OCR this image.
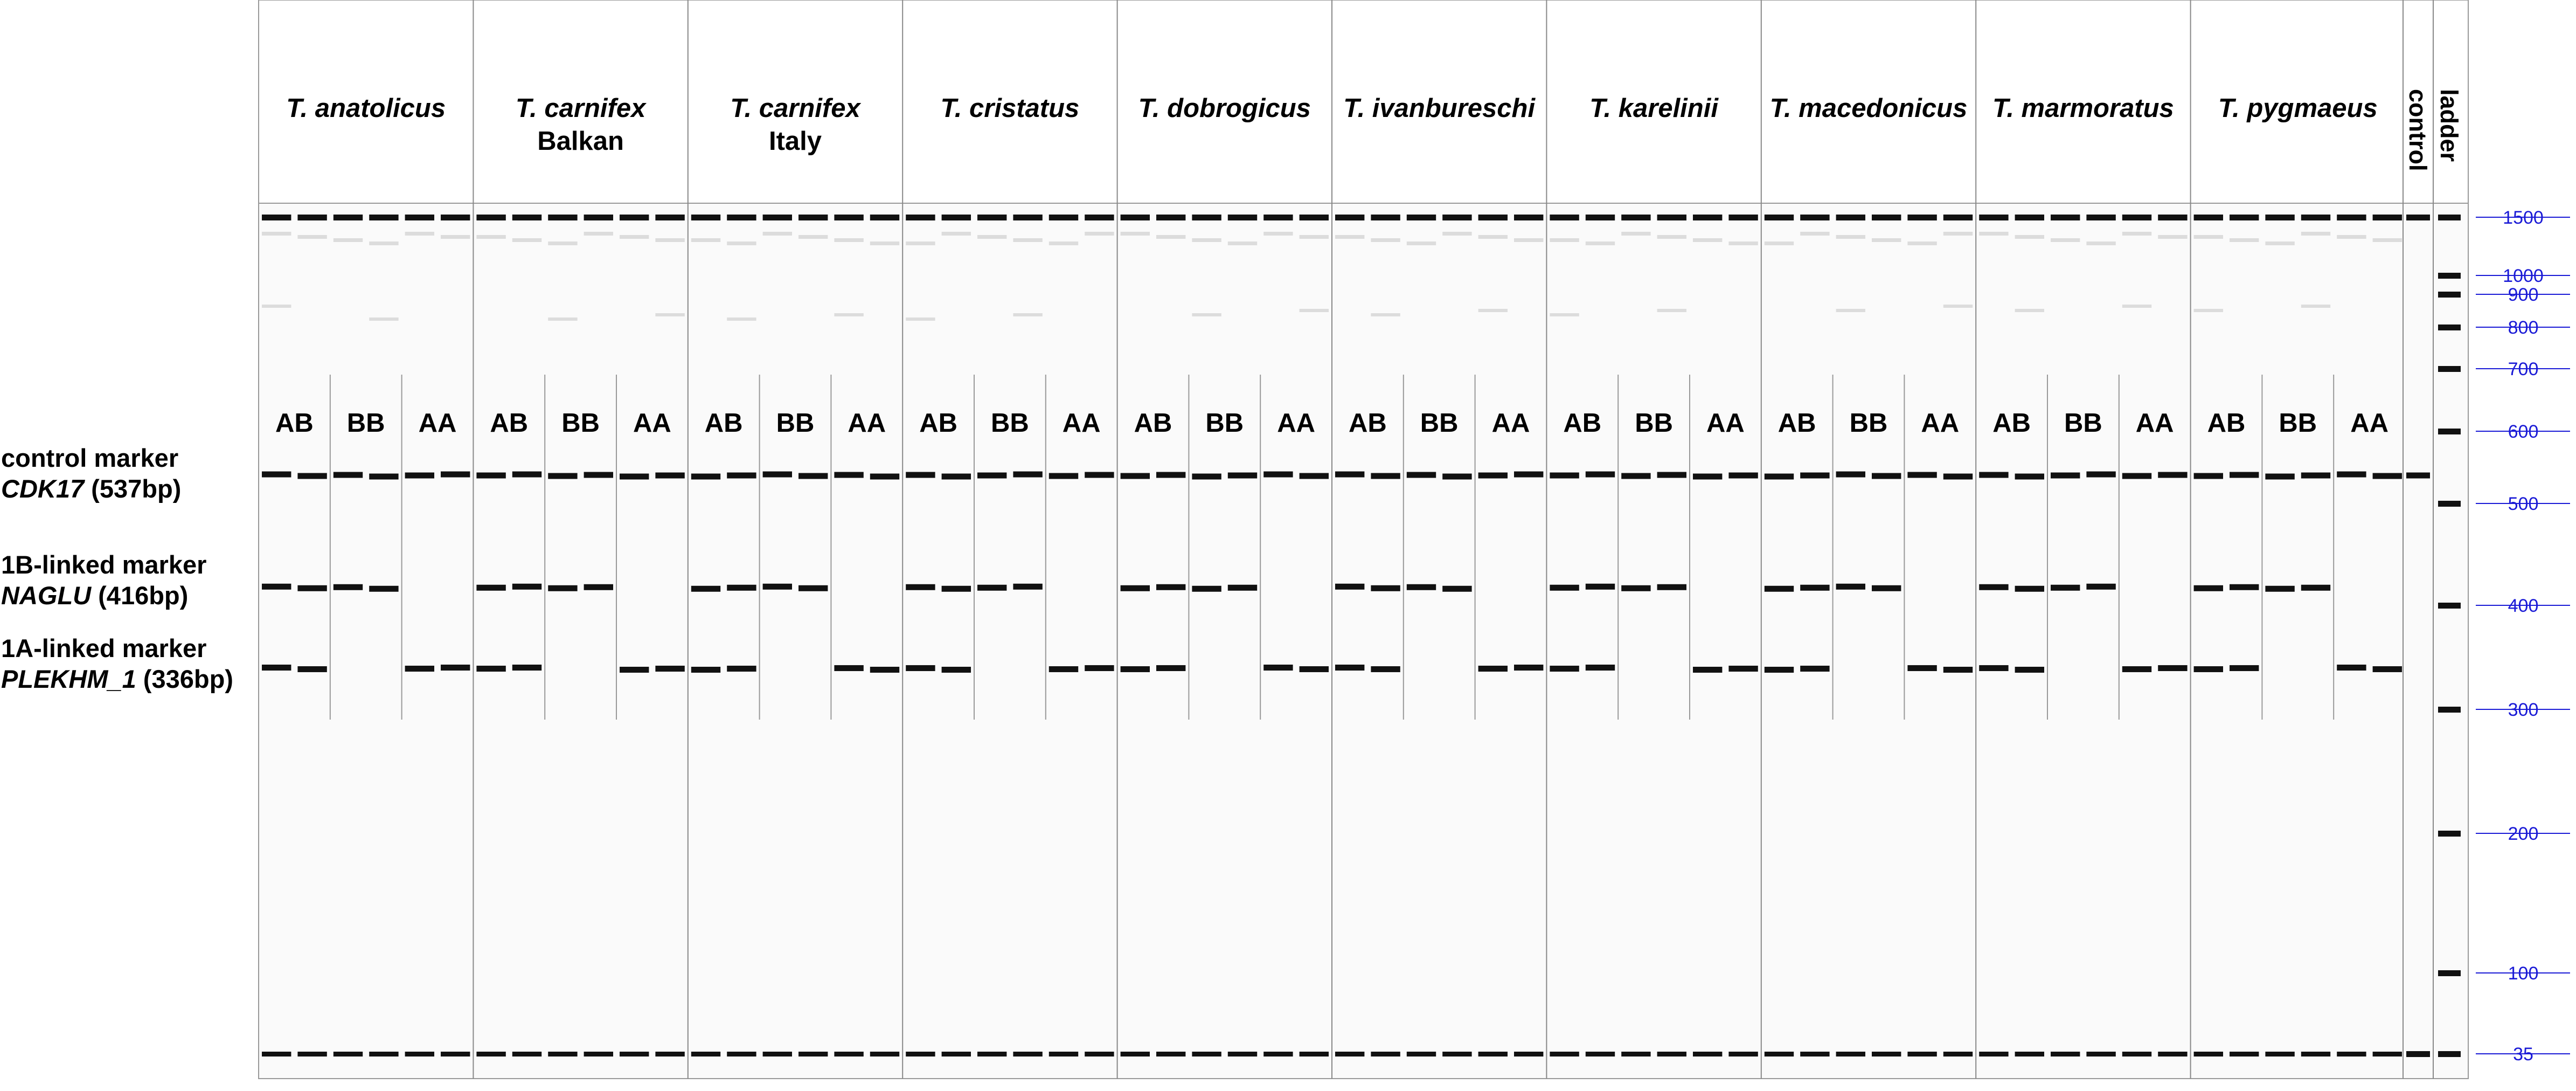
T. anatolicus	T. carnifex
Balkan
T. carnifex
Italy
T. cristatus T. dobrogicus T. ivanbureschi T. karelinii T. macedonicus T. marmoratus T. pygmaeus control ladder
AB BB AA AB BB AA AB BB AA AB BB AA AB BB AA AB BB AA AB BB AA AB BB AA AB BB AA AB BB AA
control marker
CDK17 (537bp)
1B-linked marker
NAGLU (416bp)
1A-linked marker
PLEKHM_1 (336bp)
1500
1000
900
800
700
600
500
400
300
200
100
35
